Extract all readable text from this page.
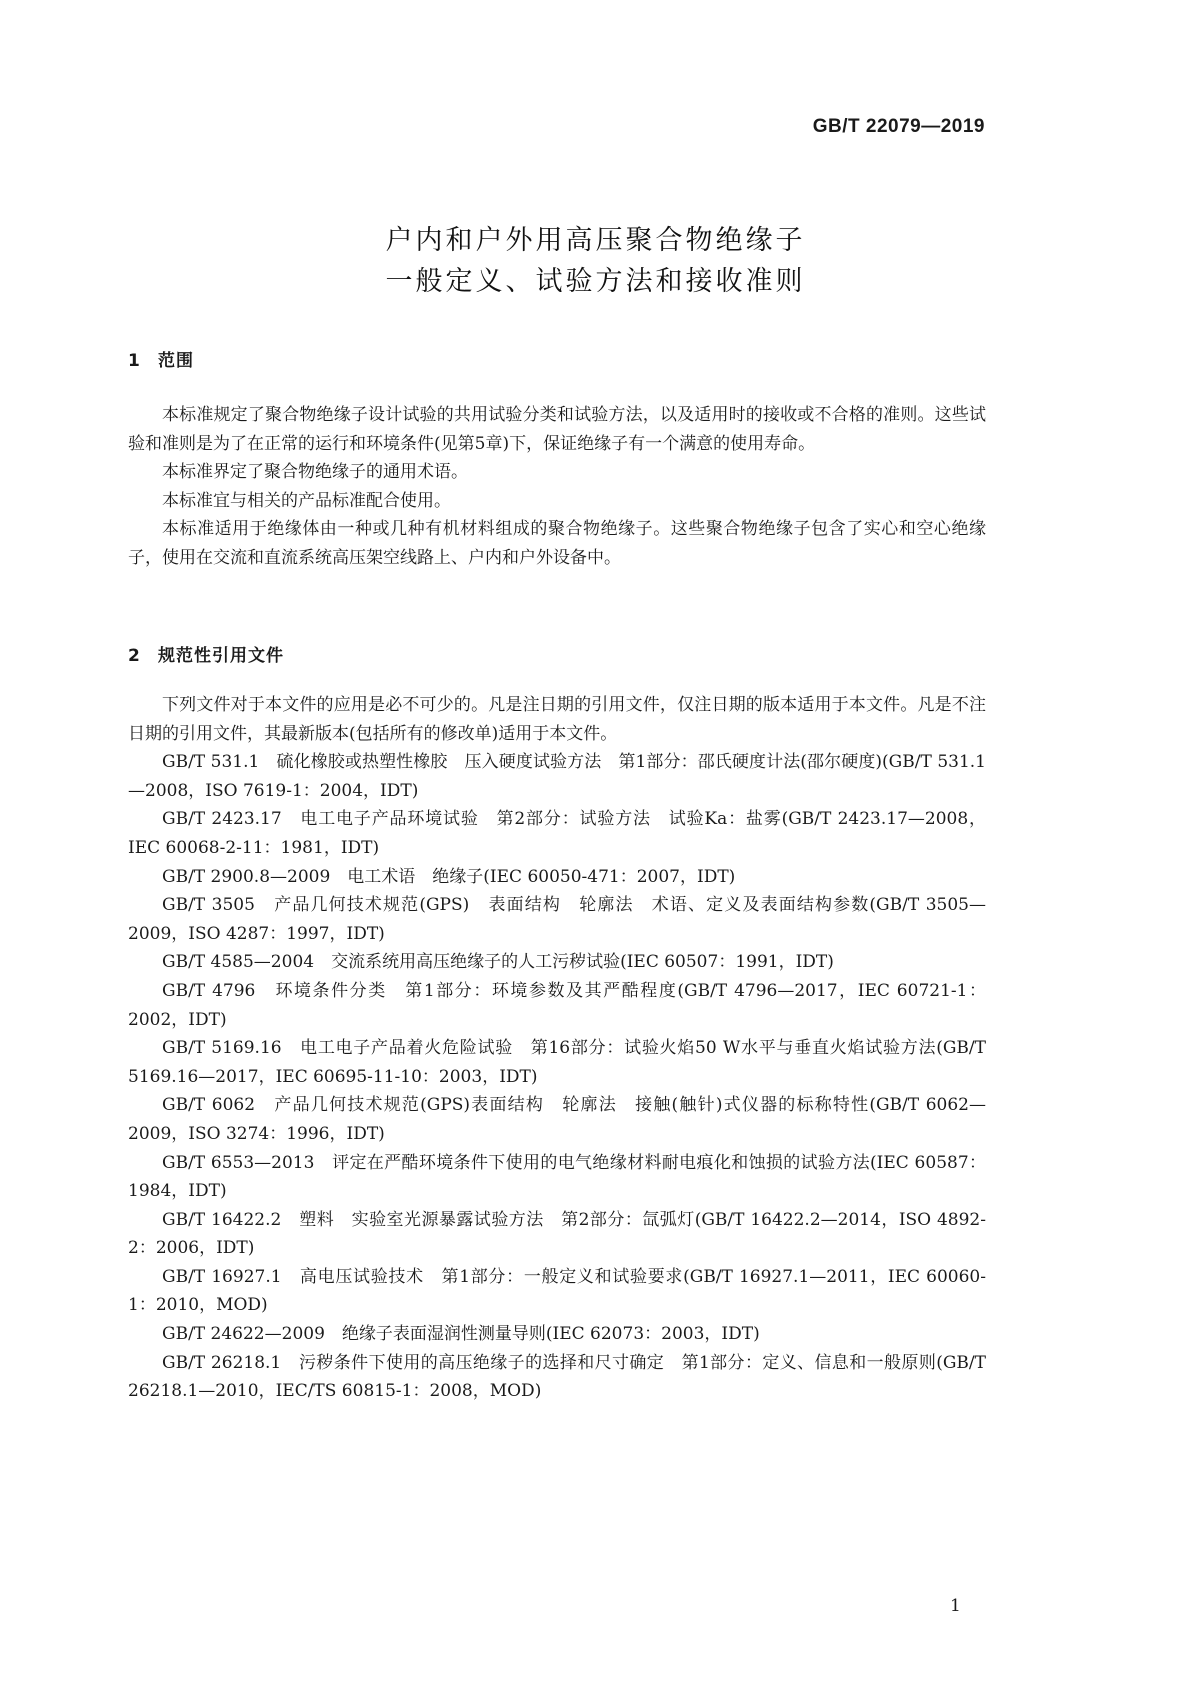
GB/T 22079—2019
户内和户外用高压聚合物绝缘子
一般定义、试验方法和接收准则
1 范围

本标准规定了聚合物绝缘子设计试验的共用试验分类和试验方法，以及适用时的接收或不合格的准则。这些试验和准则是为了在正常的运行和环境条件(见第5章)下，保证绝缘子有一个满意的使用寿命。

本标准界定了聚合物绝缘子的通用术语。

本标准宜与相关的产品标准配合使用。

本标准适用于绝缘体由一种或几种有机材料组成的聚合物绝缘子。这些聚合物绝缘子包含了实心和空心绝缘子，使用在交流和直流系统高压架空线路上、户内和户外设备中。

2 规范性引用文件

下列文件对于本文件的应用是必不可少的。凡是注日期的引用文件，仅注日期的版本适用于本文件。凡是不注日期的引用文件，其最新版本(包括所有的修改单)适用于本文件。

GB/T 531.1　硫化橡胶或热塑性橡胶　压入硬度试验方法　第1部分：邵氏硬度计法(邵尔硬度)(GB/T 531.1—2008，ISO 7619-1：2004，IDT)

GB/T 2423.17　电工电子产品环境试验　第2部分：试验方法　试验Ka：盐雾(GB/T 2423.17—2008，IEC 60068-2-11：1981，IDT)

GB/T 2900.8—2009　电工术语　绝缘子(IEC 60050-471：2007，IDT)

GB/T 3505　产品几何技术规范(GPS)　表面结构　轮廓法　术语、定义及表面结构参数(GB/T 3505—2009，ISO 4287：1997，IDT)

GB/T 4585—2004　交流系统用高压绝缘子的人工污秽试验(IEC 60507：1991，IDT)

GB/T 4796　环境条件分类　第1部分：环境参数及其严酷程度(GB/T 4796—2017，IEC 60721-1：2002，IDT)

GB/T 5169.16　电工电子产品着火危险试验　第16部分：试验火焰50 W水平与垂直火焰试验方法(GB/T 5169.16—2017，IEC 60695-11-10：2003，IDT)

GB/T 6062　产品几何技术规范(GPS)表面结构　轮廓法　接触(触针)式仪器的标称特性(GB/T 6062—2009，ISO 3274：1996，IDT)

GB/T 6553—2013　评定在严酷环境条件下使用的电气绝缘材料耐电痕化和蚀损的试验方法(IEC 60587：1984，IDT)

GB/T 16422.2　塑料　实验室光源暴露试验方法　第2部分：氙弧灯(GB/T 16422.2—2014，ISO 4892-2：2006，IDT)

GB/T 16927.1　高电压试验技术　第1部分：一般定义和试验要求(GB/T 16927.1—2011，IEC 60060-1：2010，MOD)

GB/T 24622—2009　绝缘子表面湿润性测量导则(IEC 62073：2003，IDT)

GB/T 26218.1　污秽条件下使用的高压绝缘子的选择和尺寸确定　第1部分：定义、信息和一般原则(GB/T 26218.1—2010，IEC/TS 60815-1：2008，MOD)

1
